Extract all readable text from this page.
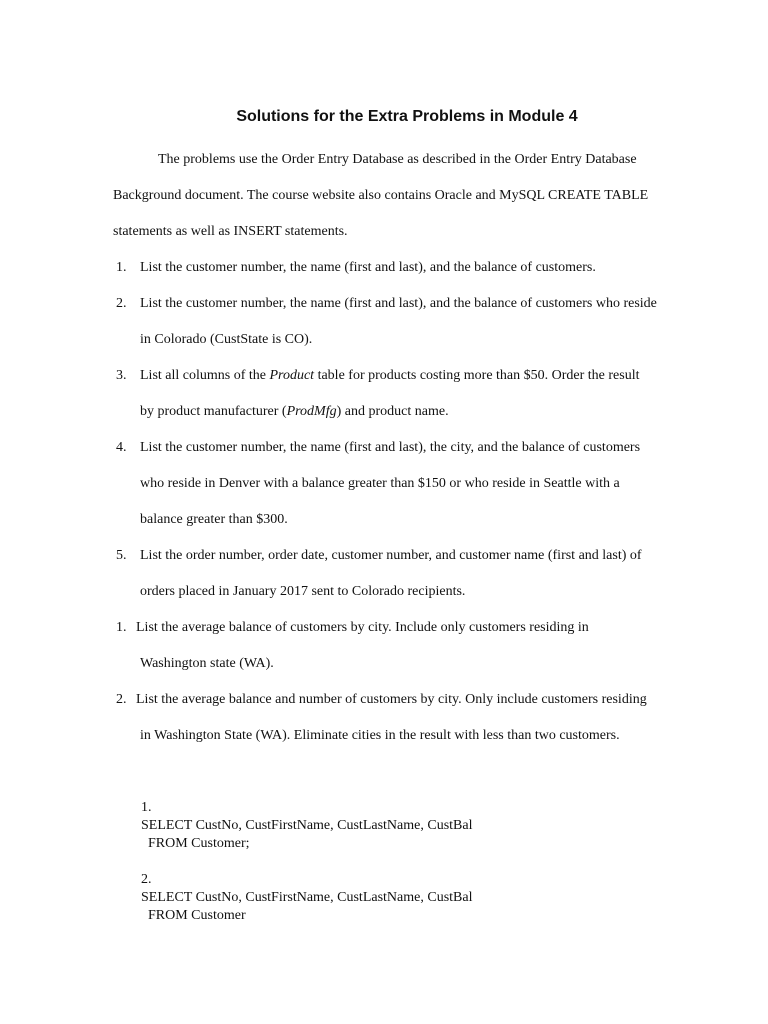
Solutions for the Extra Problems in Module 4
The problems use the Order Entry Database as described in the Order Entry Database
Background document. The course website also contains Oracle and MySQL CREATE TABLE
statements as well as INSERT statements.
1. List the customer number, the name (first and last), and the balance of customers.
2. List the customer number, the name (first and last), and the balance of customers who reside
in Colorado (CustState is CO).
3. List all columns of the Product table for products costing more than $50. Order the result
by product manufacturer (ProdMfg) and product name.
4. List the customer number, the name (first and last), the city, and the balance of customers
who reside in Denver with a balance greater than $150 or who reside in Seattle with a
balance greater than $300.
5. List the order number, order date, customer number, and customer name (first and last) of
orders placed in January 2017 sent to Colorado recipients.
1. List the average balance of customers by city. Include only customers residing in
Washington state (WA).
2. List the average balance and number of customers by city. Only include customers residing
in Washington State (WA). Eliminate cities in the result with less than two customers.
1.
SELECT CustNo, CustFirstName, CustLastName, CustBal
FROM Customer;
2.
SELECT CustNo, CustFirstName, CustLastName, CustBal
FROM Customer
